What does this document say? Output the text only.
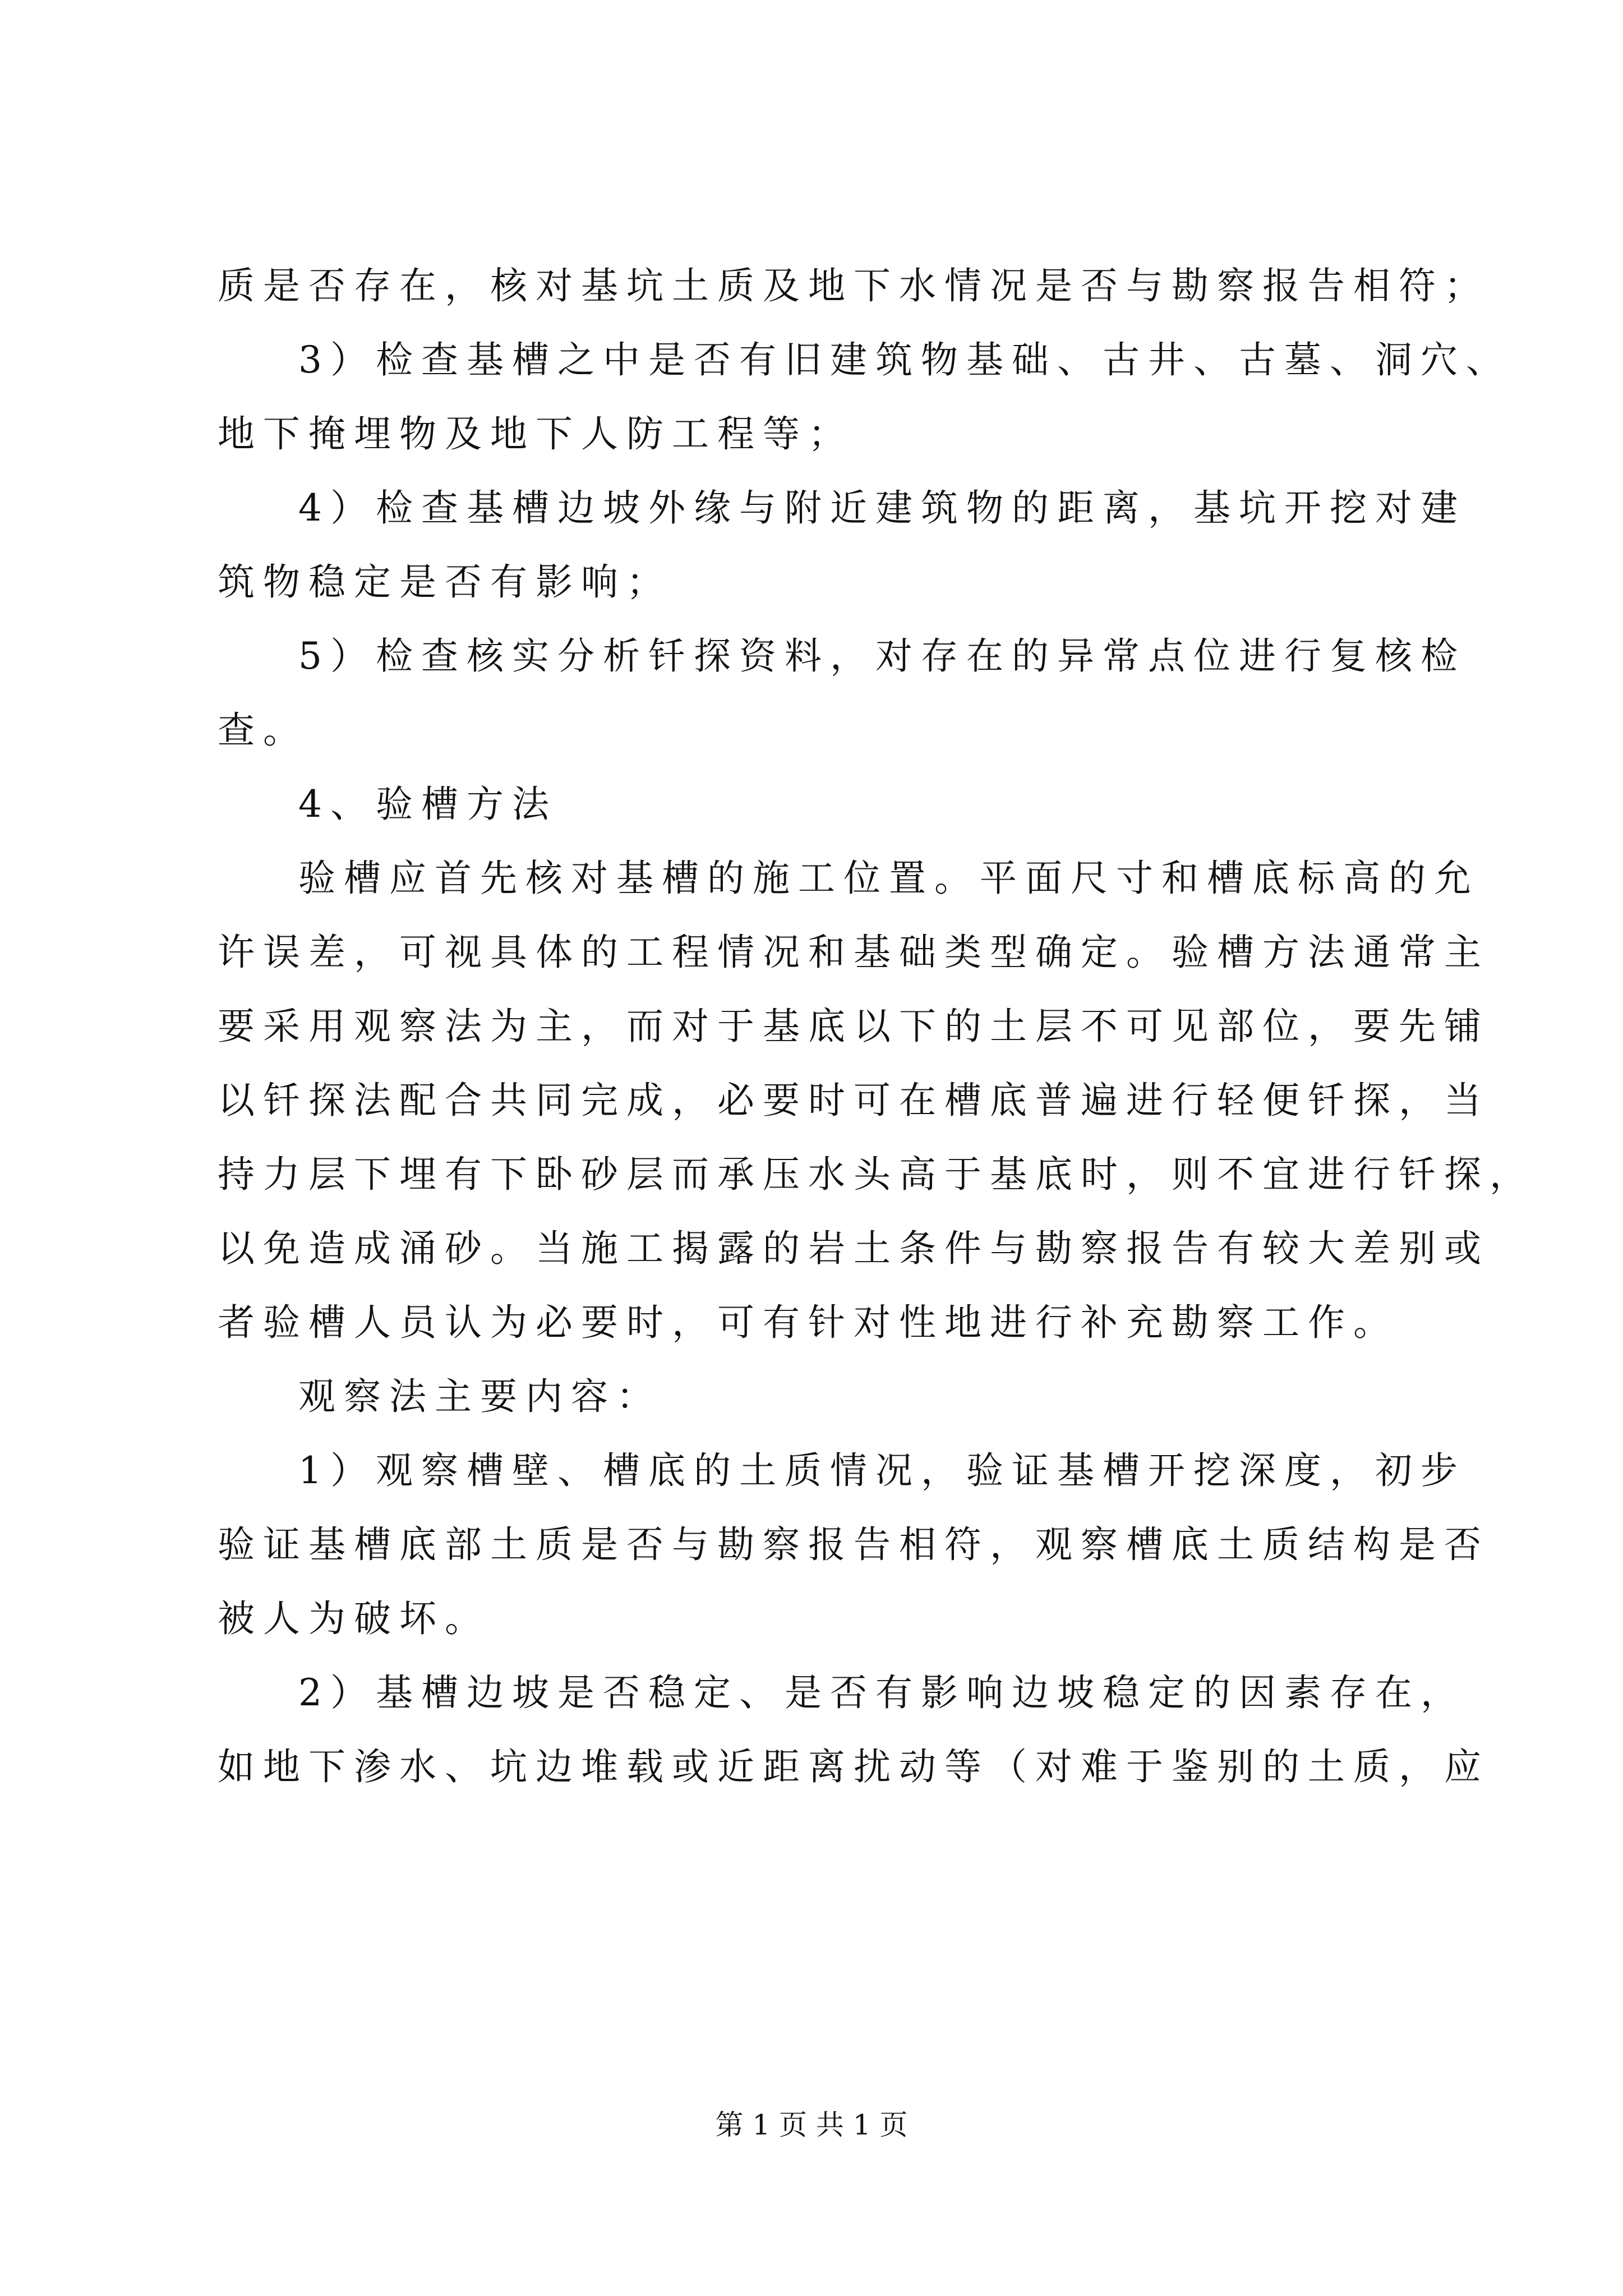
质是否存在，核对基坑土质及地下水情况是否与勘察报告相符；
3）检查基槽之中是否有旧建筑物基础、古井、古墓、洞穴、
地下掩埋物及地下人防工程等；
4）检查基槽边坡外缘与附近建筑物的距离，基坑开挖对建
筑物稳定是否有影响；
5）检查核实分析钎探资料，对存在的异常点位进行复核检
查。
4、验槽方法
验槽应首先核对基槽的施工位置。平面尺寸和槽底标高的允
许误差，可视具体的工程情况和基础类型确定。验槽方法通常主
要采用观察法为主，而对于基底以下的土层不可见部位，要先铺
以钎探法配合共同完成，必要时可在槽底普遍进行轻便钎探，当
持力层下埋有下卧砂层而承压水头高于基底时，则不宜进行钎探，
以免造成涌砂。当施工揭露的岩土条件与勘察报告有较大差别或
者验槽人员认为必要时，可有针对性地进行补充勘察工作。
观察法主要内容：
1）观察槽壁、槽底的土质情况，验证基槽开挖深度，初步
验证基槽底部土质是否与勘察报告相符，观察槽底土质结构是否
被人为破坏。
2）基槽边坡是否稳定、是否有影响边坡稳定的因素存在，
如地下渗水、坑边堆载或近距离扰动等（对难于鉴别的土质，应
第 1 页 共 1 页
